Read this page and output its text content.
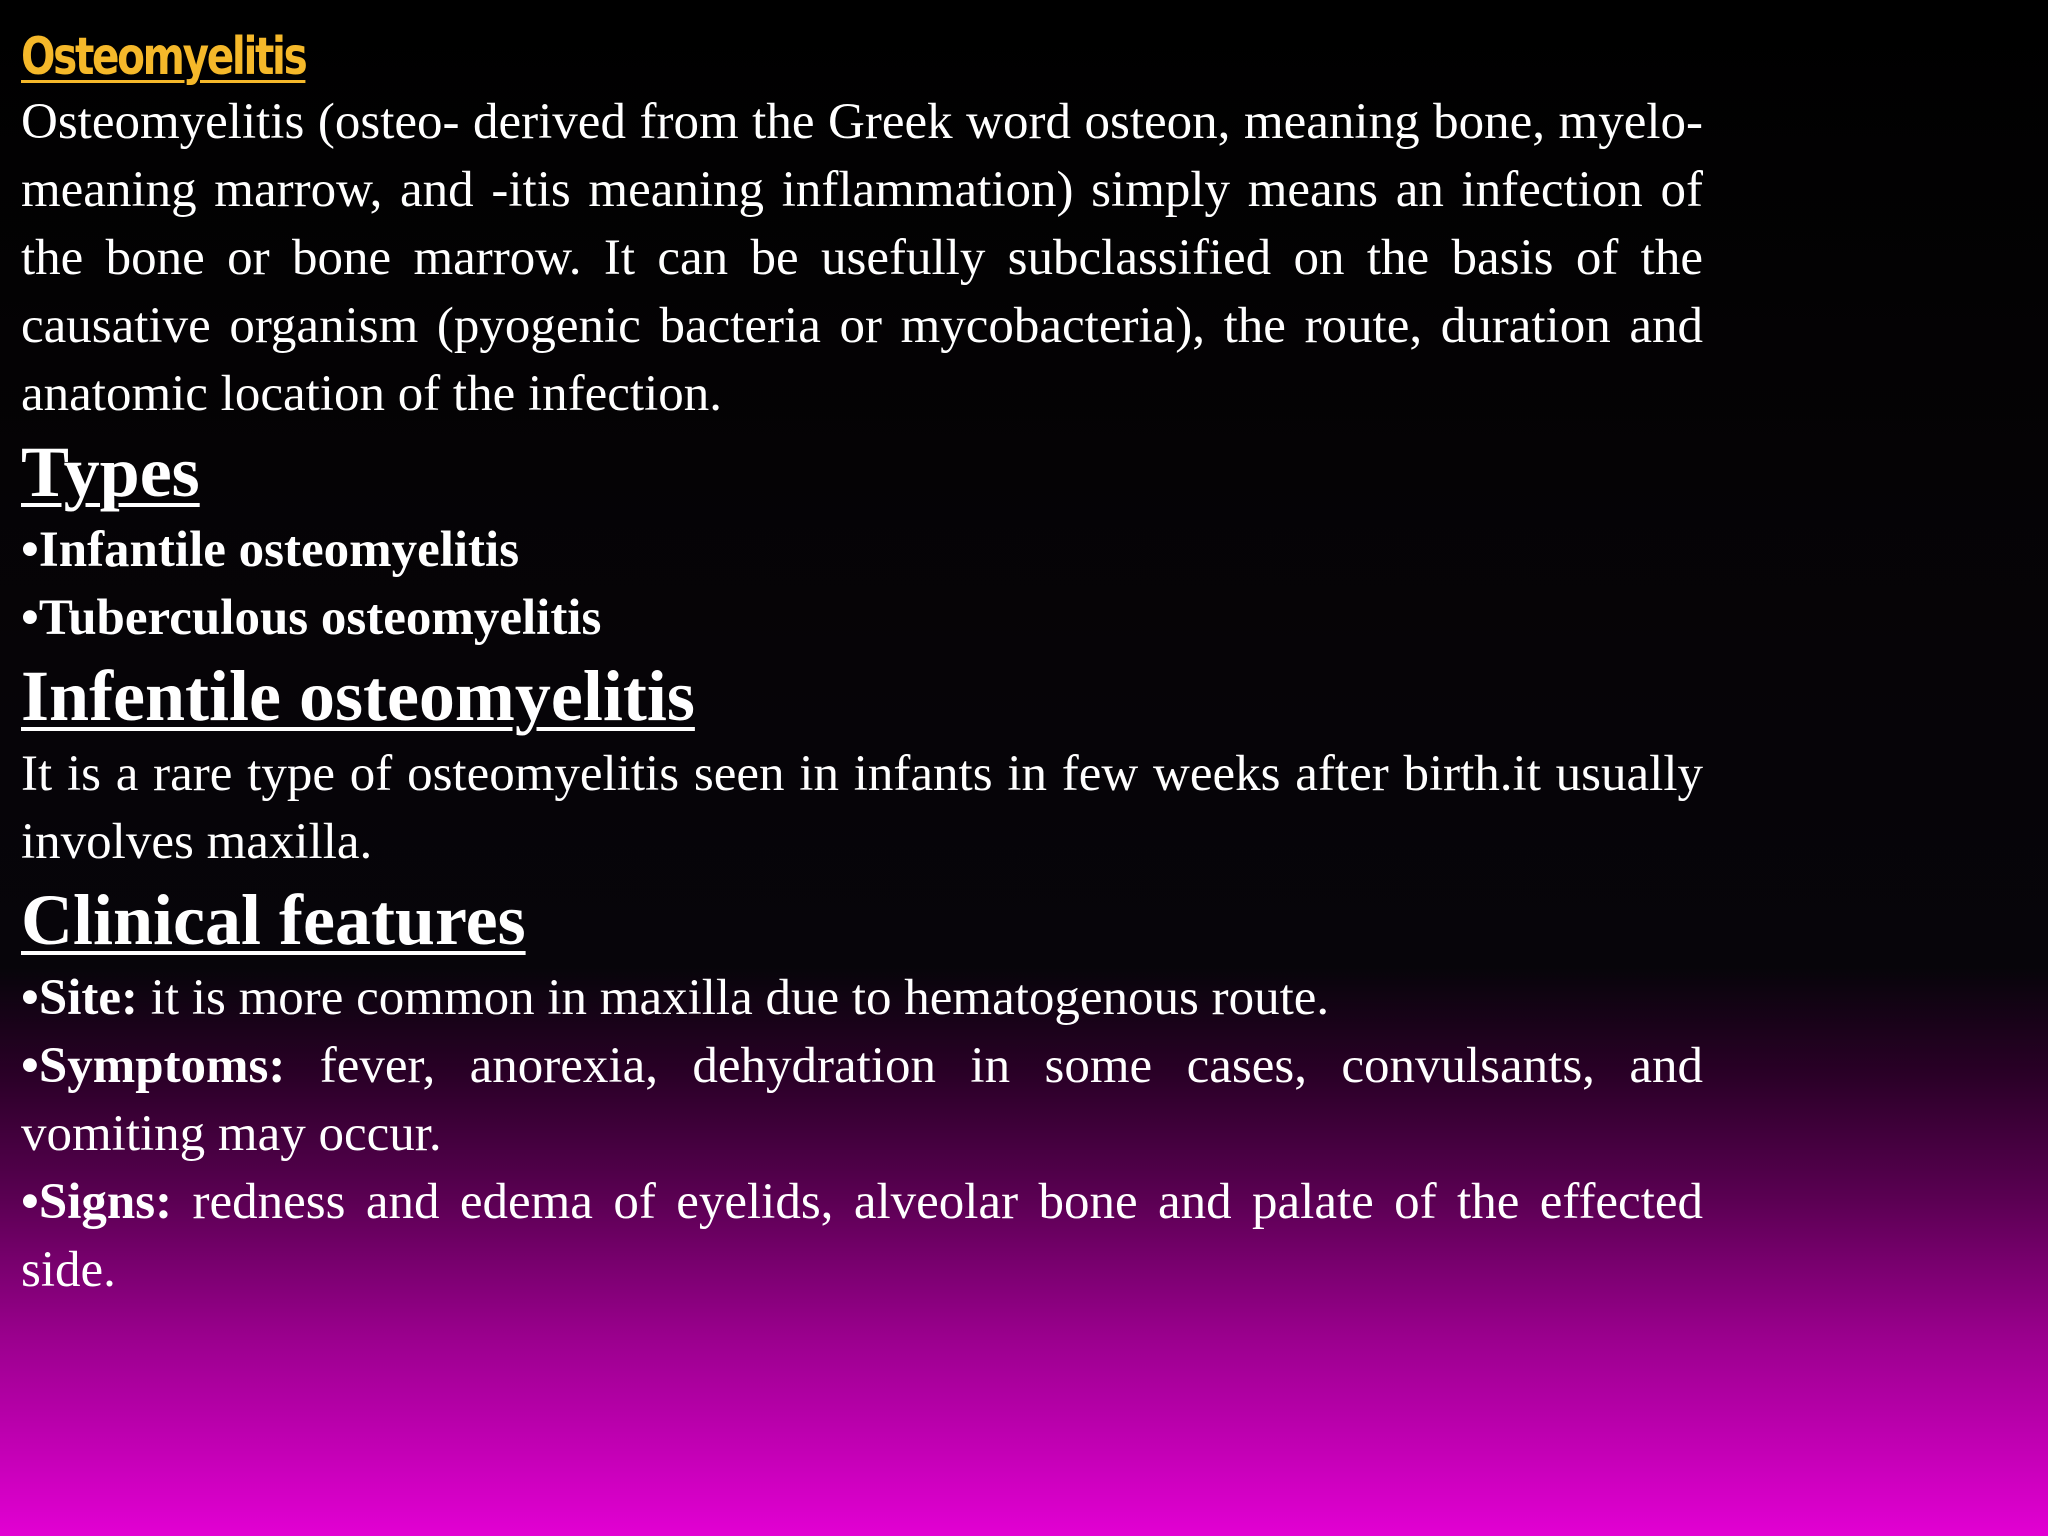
Osteomyelitis

Osteomyelitis (osteo- derived from the Greek word osteon, meaning bone, myelo- meaning marrow, and -itis meaning inflammation) simply means an infection of the bone or bone marrow. It can be usefully subclassified on the basis of the causative organism (pyogenic bacteria or mycobacteria), the route, duration and anatomic location of the infection.

Types

•Infantile osteomyelitis

•Tuberculous osteomyelitis

Infentile osteomyelitis

It is a rare type of osteomyelitis seen in infants in few weeks after birth.it usually involves maxilla.

Clinical features

•Site: it is more common in maxilla due to hematogenous route.

•Symptoms: fever, anorexia, dehydration in some cases, convulsants, and vomiting may occur.

•Signs: redness and edema of eyelids, alveolar bone and palate of the effected side.
